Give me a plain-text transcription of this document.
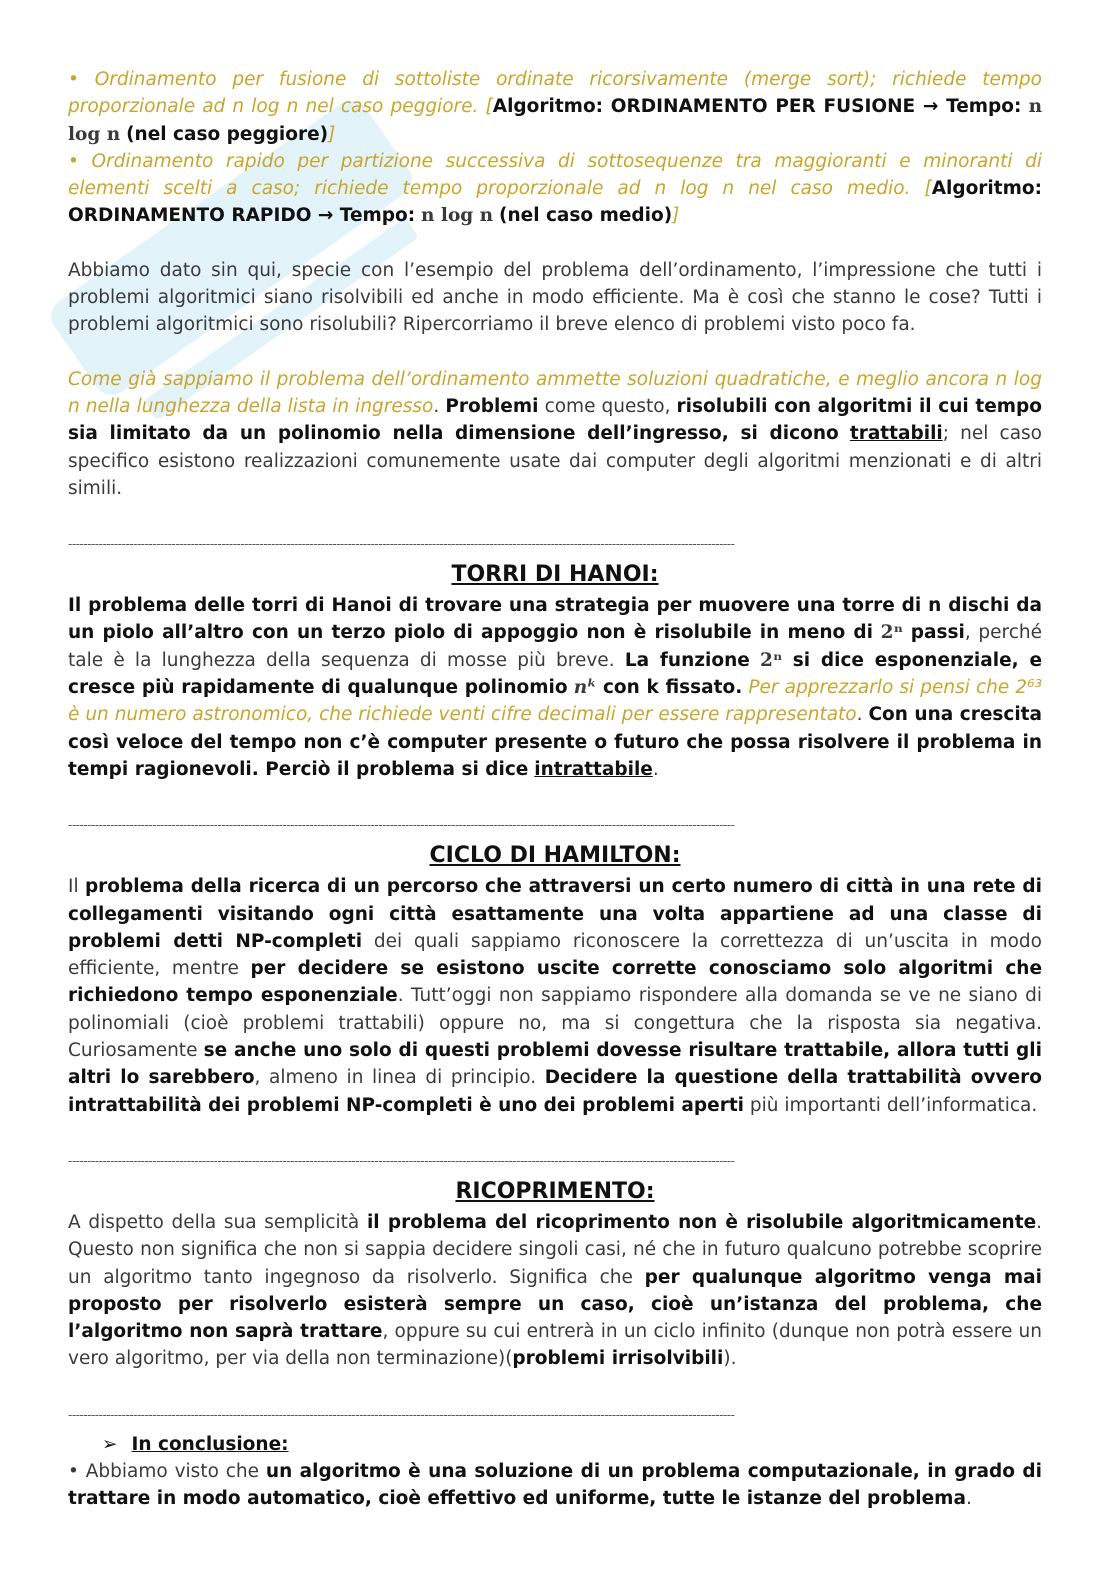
• Ordinamento per fusione di sottoliste ordinate ricorsivamente (merge sort); richiede tempo proporzionale ad n log n nel caso peggiore. [Algoritmo: ORDINAMENTO PER FUSIONE → Tempo: n log n (nel caso peggiore)]

• Ordinamento rapido per partizione successiva di sottosequenze tra maggioranti e minoranti di elementi scelti a caso; richiede tempo proporzionale ad n log n nel caso medio. [Algoritmo: ORDINAMENTO RAPIDO → Tempo: n log n (nel caso medio)]

Abbiamo dato sin qui, specie con l’esempio del problema dell’ordinamento, l’impressione che tutti i problemi algoritmici siano risolvibili ed anche in modo efficiente. Ma è così che stanno le cose? Tutti i problemi algoritmici sono risolubili? Ripercorriamo il breve elenco di problemi visto poco fa.

Come già sappiamo il problema dell’ordinamento ammette soluzioni quadratiche, e meglio ancora n log n nella lunghezza della lista in ingresso. Problemi come questo, risolubili con algoritmi il cui tempo sia limitato da un polinomio nella dimensione dell’ingresso, si dicono trattabili; nel caso specifico esistono realizzazioni comunemente usate dai computer degli algoritmi menzionati e di altri simili.

------------------------------------------------------------------------------------------------------------------------------------------------------------------------------
TORRI DI HANOI:

Il problema delle torri di Hanoi di trovare una strategia per muovere una torre di n dischi da un piolo all’altro con un terzo piolo di appoggio non è risolubile in meno di 2ⁿ passi, perché tale è la lunghezza della sequenza di mosse più breve. La funzione 2ⁿ si dice esponenziale, e cresce più rapidamente di qualunque polinomio nᵏ con k fissato. Per apprezzarlo si pensi che 2⁶³ è un numero astronomico, che richiede venti cifre decimali per essere rappresentato. Con una crescita così veloce del tempo non c’è computer presente o futuro che possa risolvere il problema in tempi ragionevoli. Perciò il problema si dice intrattabile.

------------------------------------------------------------------------------------------------------------------------------------------------------------------------------
CICLO DI HAMILTON:

Il problema della ricerca di un percorso che attraversi un certo numero di città in una rete di collegamenti visitando ogni città esattamente una volta appartiene ad una classe di problemi detti NP-completi dei quali sappiamo riconoscere la correttezza di un’uscita in modo efficiente, mentre per decidere se esistono uscite corrette conosciamo solo algoritmi che richiedono tempo esponenziale. Tutt’oggi non sappiamo rispondere alla domanda se ve ne siano di polinomiali (cioè problemi trattabili) oppure no, ma si congettura che la risposta sia negativa. Curiosamente se anche uno solo di questi problemi dovesse risultare trattabile, allora tutti gli altri lo sarebbero, almeno in linea di principio. Decidere la questione della trattabilità ovvero intrattabilità dei problemi NP-completi è uno dei problemi aperti più importanti dell’informatica.

------------------------------------------------------------------------------------------------------------------------------------------------------------------------------
RICOPRIMENTO:

A dispetto della sua semplicità il problema del ricoprimento non è risolubile algoritmicamente. Questo non significa che non si sappia decidere singoli casi, né che in futuro qualcuno potrebbe scoprire un algoritmo tanto ingegnoso da risolverlo. Significa che per qualunque algoritmo venga mai proposto per risolverlo esisterà sempre un caso, cioè un’istanza del problema, che l’algoritmo non saprà trattare, oppure su cui entrerà in un ciclo infinito (dunque non potrà essere un vero algoritmo, per via della non terminazione)(problemi irrisolvibili).

------------------------------------------------------------------------------------------------------------------------------------------------------------------------------
➢ In conclusione:

• Abbiamo visto che un algoritmo è una soluzione di un problema computazionale, in grado di trattare in modo automatico, cioè effettivo ed uniforme, tutte le istanze del problema.
